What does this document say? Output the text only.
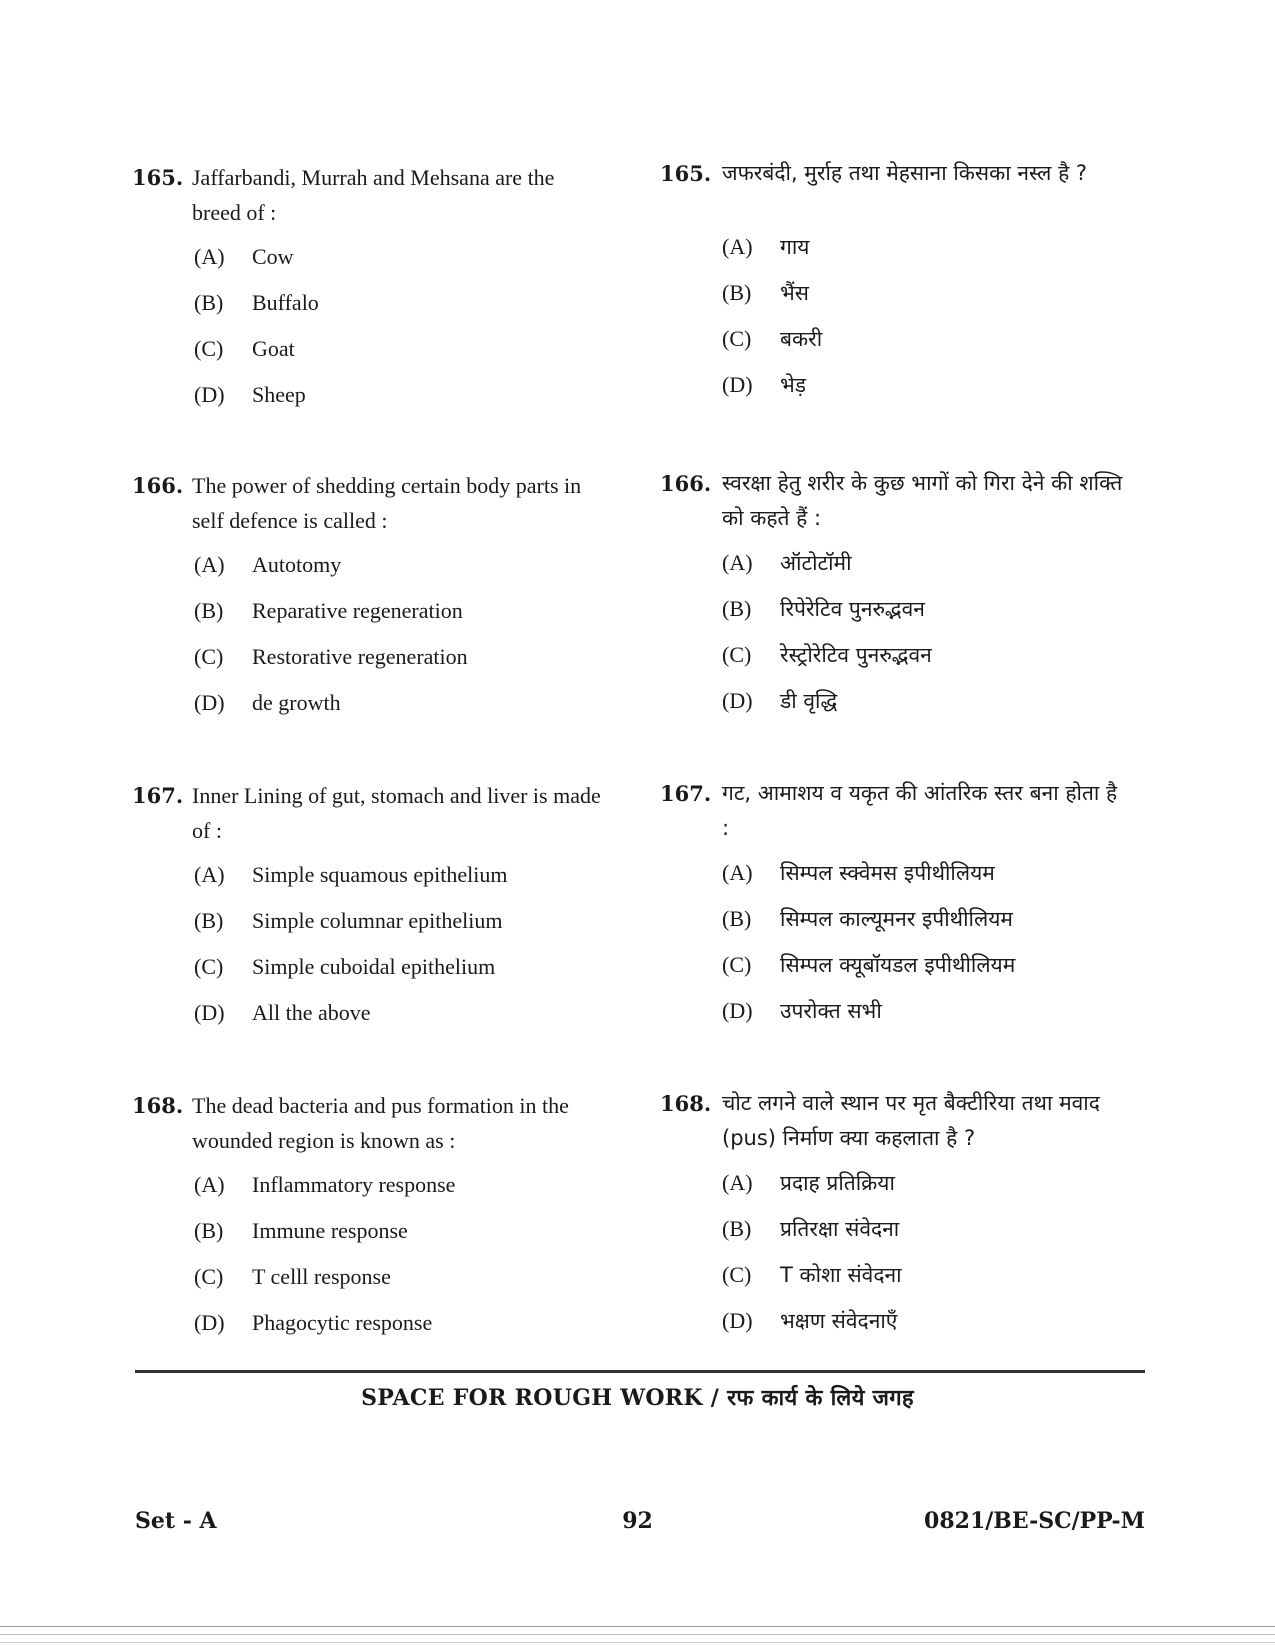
165. Jaffarbandi, Murrah and Mehsana are the breed of :
(A) Cow
(B) Buffalo
(C) Goat
(D) Sheep
166. The power of shedding certain body parts in self defence is called :
(A) Autotomy
(B) Reparative regeneration
(C) Restorative regeneration
(D) de growth
167. Inner Lining of gut, stomach and liver is made of :
(A) Simple squamous epithelium
(B) Simple columnar epithelium
(C) Simple cuboidal epithelium
(D) All the above
168. The dead bacteria and pus formation in the wounded region is known as :
(A) Inflammatory response
(B) Immune response
(C) T celll response
(D) Phagocytic response
165. जफरबंदी, मुर्राह तथा मेहसाना किसका नस्ल है ?
(A) गाय
(B) भैंस
(C) बकरी
(D) भेड़
166. स्वरक्षा हेतु शरीर के कुछ भागों को गिरा देने की शक्ति को कहते हैं :
(A) ऑटोटॉमी
(B) रिपेरेटिव पुनरुद्भवन
(C) रेस्ट्रोरेटिव पुनरुद्भवन
(D) डी वृद्धि
167. गट, आमाशय व यकृत की आंतरिक स्तर बना होता है :
(A) सिम्पल स्क्वेमस इपीथीलियम
(B) सिम्पल काल्यूमनर इपीथीलियम
(C) सिम्पल क्यूबॉयडल इपीथीलियम
(D) उपरोक्त सभी
168. चोट लगने वाले स्थान पर मृत बैक्टीरिया तथा मवाद (pus) निर्माण क्या कहलाता है ?
(A) प्रदाह प्रतिक्रिया
(B) प्रतिरक्षा संवेदना
(C) T कोशा संवेदना
(D) भक्षण संवेदनाएँ
SPACE FOR ROUGH WORK / रफ कार्य के लिये जगह
Set - A	92	0821/BE-SC/PP-M
